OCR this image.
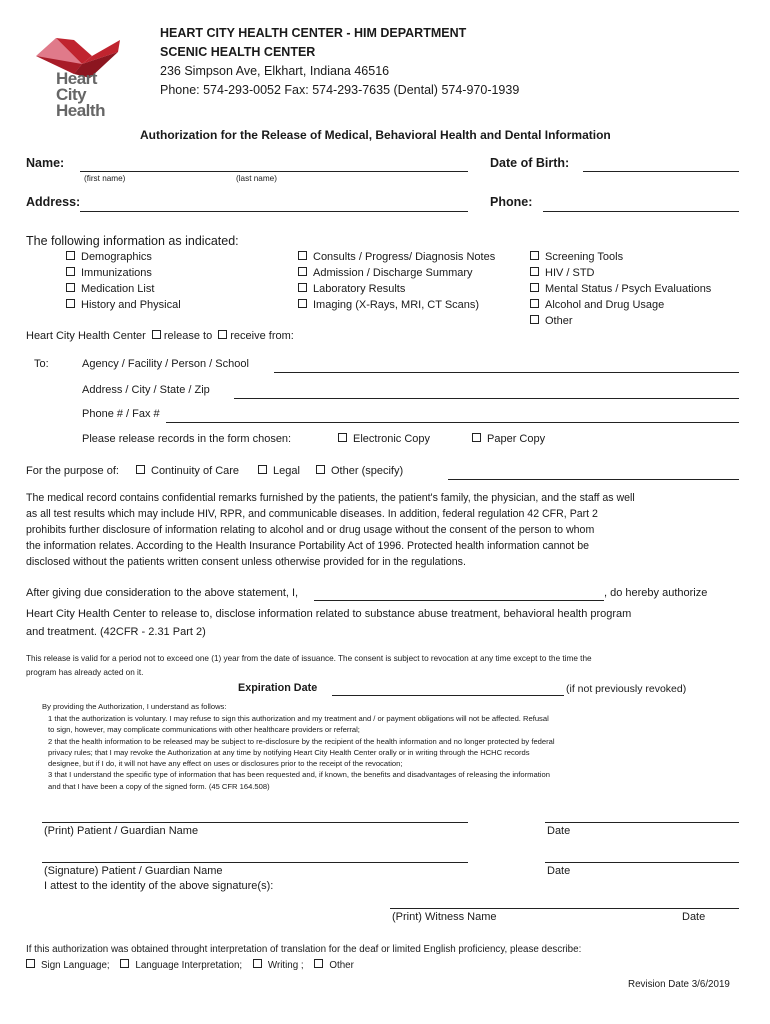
Heart
City
Health
HEART CITY HEALTH CENTER - HIM DEPARTMENT
SCENIC HEALTH CENTER
236 Simpson Ave, Elkhart, Indiana 46516
Phone: 574-293-0052 Fax: 574-293-7635 (Dental) 574-970-1939
Authorization for the Release of Medical, Behavioral Health and Dental Information
Name:
(first name)	(last name)
Date of Birth:
Address:	Phone:
The following information as indicated:
Demographics
Immunizations
Medication List
History and Physical
Consults / Progress/ Diagnosis Notes
Admission / Discharge Summary
Laboratory Results
Imaging (X-Rays, MRI, CT Scans)
Screening Tools
HIV / STD
Mental Status / Psych Evaluations
Alcohol and Drug Usage
Other
Heart City Health Center release to receive from:
To:	Agency / Facility / Person / School
Address / City / State / Zip
Phone # / Fax #
Please release records in the form chosen:	Electronic Copy	Paper Copy
For the purpose of:	Continuity of Care	Legal	Other (specify)
The medical record contains confidential remarks furnished by the patients, the patient's family, the physician, and the staff as well
as all test results which may include HIV, RPR, and communicable diseases. In addition, federal regulation 42 CFR, Part 2
prohibits further disclosure of information relating to alcohol and or drug usage without the consent of the person to whom
the information relates. According to the Health Insurance Portability Act of 1996. Protected health information cannot be
disclosed without the patients written consent unless otherwise provided for in the regulations.
After giving due consideration to the above statement, I,	, do hereby authorize
Heart City Health Center to release to, disclose information related to substance abuse treatment, behavioral health program
and treatment. (42CFR - 2.31 Part 2)
This release is valid for a period not to exceed one (1) year from the date of issuance. The consent is subject to revocation at any time except to the time the
program has already acted on it.
Expiration Date	(if not previously revoked)
By providing the Authorization, I understand as follows:
1 that the authorization is voluntary. I may refuse to sign this authorization and my treatment and / or payment obligations will not be affected. Refusal
to sign, however, may complicate communications with other healthcare providers or referral;
2 that the health information to be released may be subject to re-disclosure by the recipient of the health information and no longer protected by federal
privacy rules; that I may revoke the Authorization at any time by notifying Heart City Health Center orally or in writing through the HCHC records
designee, but if I do, it will not have any effect on uses or disclosures prior to the receipt of the revocation;
3 that I understand the specific type of information that has been requested and, if known, the benefits and disadvantages of releasing the information
and that I have been a copy of the signed form. (45 CFR 164.508)
(Print) Patient / Guardian Name	Date
(Signature) Patient / Guardian Name	Date
I attest to the identity of the above signature(s):
(Print) Witness Name	Date
If this authorization was obtained throught interpretation of translation for the deaf or limited English proficiency, please describe:
Sign Language;	Language Interpretation;	Writing ;	Other
Revision Date 3/6/2019
